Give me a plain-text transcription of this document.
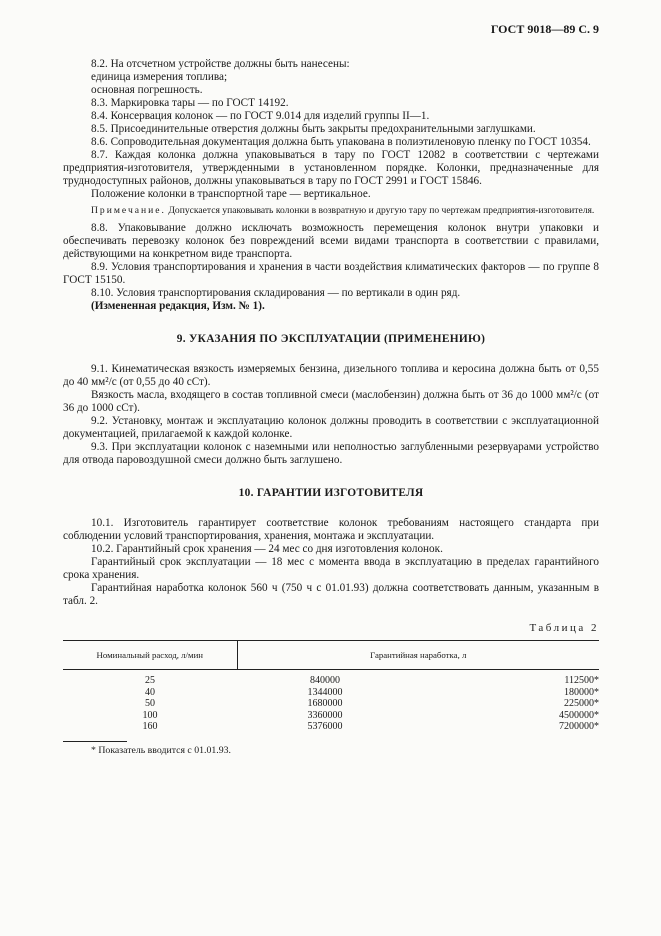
ГОСТ 9018—89 С. 9

8.2. На отсчетном устройстве должны быть нанесены:

единица измерения топлива;

основная погрешность.

8.3. Маркировка тары — по ГОСТ 14192.

8.4. Консервация колонок — по ГОСТ 9.014 для изделий группы II—1.

8.5. Присоединительные отверстия должны быть закрыты предохранительными заглушками.

8.6. Сопроводительная документация должна быть упакована в полиэтиленовую пленку по ГОСТ 10354.

8.7. Каждая колонка должна упаковываться в тару по ГОСТ 12082 в соответствии с чертежами предприятия-изготовителя, утвержденными в установленном порядке. Колонки, предназначенные для труднодоступных районов, должны упаковываться в тару по ГОСТ 2991 и ГОСТ 15846.

Положение колонки в транспортной таре — вертикальное.

Примечание. Допускается упаковывать колонки в возвратную и другую тару по чертежам предприятия-изготовителя.

8.8. Упаковывание должно исключать возможность перемещения колонок внутри упаковки и обеспечивать перевозку колонок без повреждений всеми видами транспорта в соответствии с правилами, действующими на конкретном виде транспорта.

8.9. Условия транспортирования и хранения в части воздействия климатических факторов — по группе 8 ГОСТ 15150.

8.10. Условия транспортирования складирования — по вертикали в один ряд.

(Измененная редакция, Изм. № 1).

9. УКАЗАНИЯ ПО ЭКСПЛУАТАЦИИ (ПРИМЕНЕНИЮ)

9.1. Кинематическая вязкость измеряемых бензина, дизельного топлива и керосина должна быть от 0,55 до 40 мм²/с (от 0,55 до 40 сСт).

Вязкость масла, входящего в состав топливной смеси (маслобензин) должна быть от 36 до 1000 мм²/с (от 36 до 1000 сСт).

9.2. Установку, монтаж и эксплуатацию колонок должны проводить в соответствии с эксплуатационной документацией, прилагаемой к каждой колонке.

9.3. При эксплуатации колонок с наземными или неполностью заглубленными резервуарами устройство для отвода паровоздушной смеси должно быть заглушено.

10. ГАРАНТИИ ИЗГОТОВИТЕЛЯ

10.1. Изготовитель гарантирует соответствие колонок требованиям настоящего стандарта при соблюдении условий транспортирования, хранения, монтажа и эксплуатации.

10.2. Гарантийный срок хранения — 24 мес со дня изготовления колонок.

Гарантийный срок эксплуатации — 18 мес с момента ввода в эксплуатацию в пределах гарантийного срока хранения.

Гарантийная наработка колонок 560 ч (750 ч с 01.01.93) должна соответствовать данным, указанным в табл. 2.

Таблица 2
Номинальный расход, л/мин	Гарантийная наработка, л
25	840000 112500*

40	1344000 180000*

50	1680000 225000*

100	3360000 4500000*

160	5376000 7200000*
* Показатель вводится с 01.01.93.
